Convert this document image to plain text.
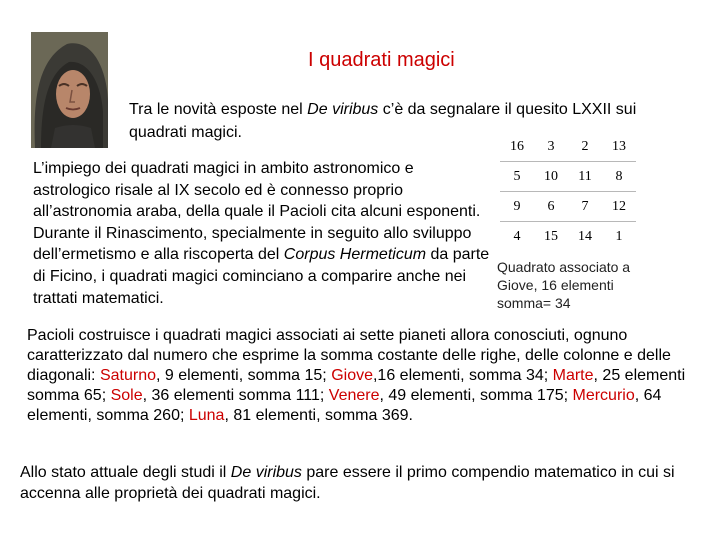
I quadrati magici
Tra le novità esposte nel De viribus c’è da segnalare il quesito LXXII sui quadrati magici.
L’impiego dei quadrati magici in ambito astronomico e astrologico risale al IX secolo ed è connesso proprio all’astronomia araba, della quale il Pacioli cita alcuni esponenti. Durante il Rinascimento, specialmente in seguito allo sviluppo dell’ermetismo e alla riscoperta del Corpus Hermeticum da parte di Ficino, i quadrati magici cominciano a comparire anche nei trattati matematici.
16	3	2	13
5	10	11	8
9	6	7	12
4	15	14	1
Quadrato associato a Giove, 16 elementi somma= 34
Pacioli costruisce i quadrati magici associati ai sette pianeti allora conosciuti, ognuno caratterizzato dal numero che esprime la somma costante delle righe, delle colonne e delle diagonali: Saturno, 9 elementi, somma 15; Giove,16 elementi, somma 34; Marte, 25 elementi somma 65; Sole, 36 elementi somma 111; Venere, 49 elementi, somma 175; Mercurio, 64 elementi, somma 260; Luna, 81 elementi, somma 369.
Allo stato attuale degli studi il De viribus pare essere il primo compendio matematico in cui si accenna alle proprietà dei quadrati magici.
